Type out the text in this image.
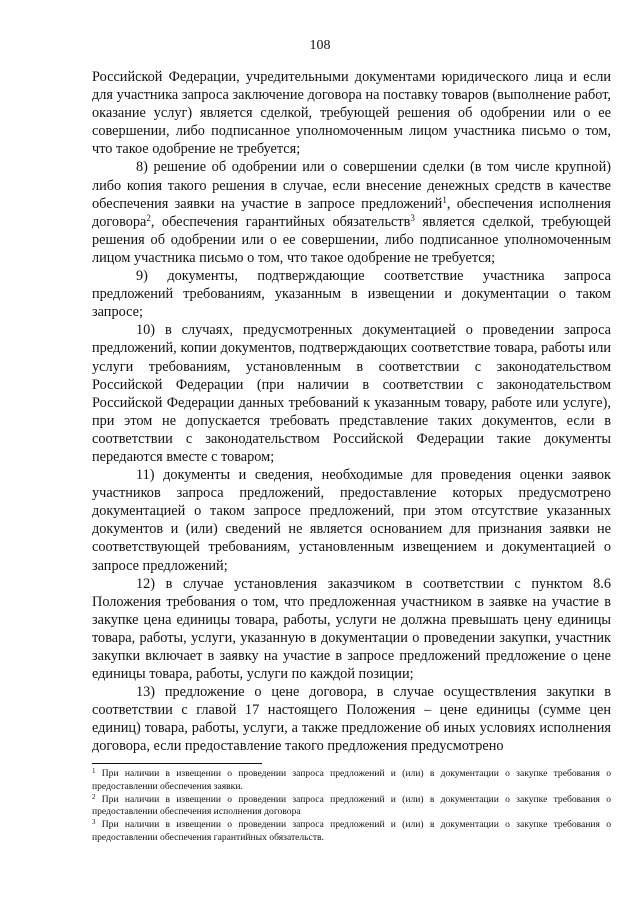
108

Российской Федерации, учредительными документами юридического лица и если для участника запроса заключение договора на поставку товаров (выполнение работ, оказание услуг) является сделкой, требующей решения об одобрении или о ее совершении, либо подписанное уполномоченным лицом участника письмо о том, что такое одобрение не требуется;

8) решение об одобрении или о совершении сделки (в том числе крупной) либо копия такого решения в случае, если внесение денежных средств в качестве обеспечения заявки на участие в запросе предложений$^1$, обеспечения исполнения договора$^2$, обеспечения гарантийных обязательств$^3$ является сделкой, требующей решения об одобрении или о ее совершении, либо подписанное уполномоченным лицом участника письмо о том, что такое одобрение не требуется;

9) документы, подтверждающие соответствие участника запроса предложений требованиям, указанным в извещении и документации о таком запросе;

10) в случаях, предусмотренных документацией о проведении запроса предложений, копии документов, подтверждающих соответствие товара, работы или услуги требованиям, установленным в соответствии с законодательством Российской Федерации (при наличии в соответствии с законодательством Российской Федерации данных требований к указанным товару, работе или услуге), при этом не допускается требовать представление таких документов, если в соответствии с законодательством Российской Федерации такие документы передаются вместе с товаром;

11) документы и сведения, необходимые для проведения оценки заявок участников запроса предложений, предоставление которых предусмотрено документацией о таком запросе предложений, при этом отсутствие указанных документов и (или) сведений не является основанием для признания заявки не соответствующей требованиям, установленным извещением и документацией о запросе предложений;

12) в случае установления заказчиком в соответствии с пунктом 8.6 Положения требования о том, что предложенная участником в заявке на участие в закупке цена единицы товара, работы, услуги не должна превышать цену единицы товара, работы, услуги, указанную в документации о проведении закупки, участник закупки включает в заявку на участие в запросе предложений предложение о цене единицы товара, работы, услуги по каждой позиции;

13) предложение о цене договора, в случае осуществления закупки в соответствии с главой 17 настоящего Положения – цене единицы (сумме цен единиц) товара, работы, услуги, а также предложение об иных условиях исполнения договора, если предоставление такого предложения предусмотрено

$^1$ При наличии в извещении о проведении запроса предложений и (или) в документации о закупке требования о предоставлении обеспечения заявки.

$^2$ При наличии в извещении о проведении запроса предложений и (или) в документации о закупке требования о предоставлении обеспечения исполнения договора

$^3$ При наличии в извещении о проведении запроса предложений и (или) в документации о закупке требования о предоставлении обеспечения гарантийных обязательств.
